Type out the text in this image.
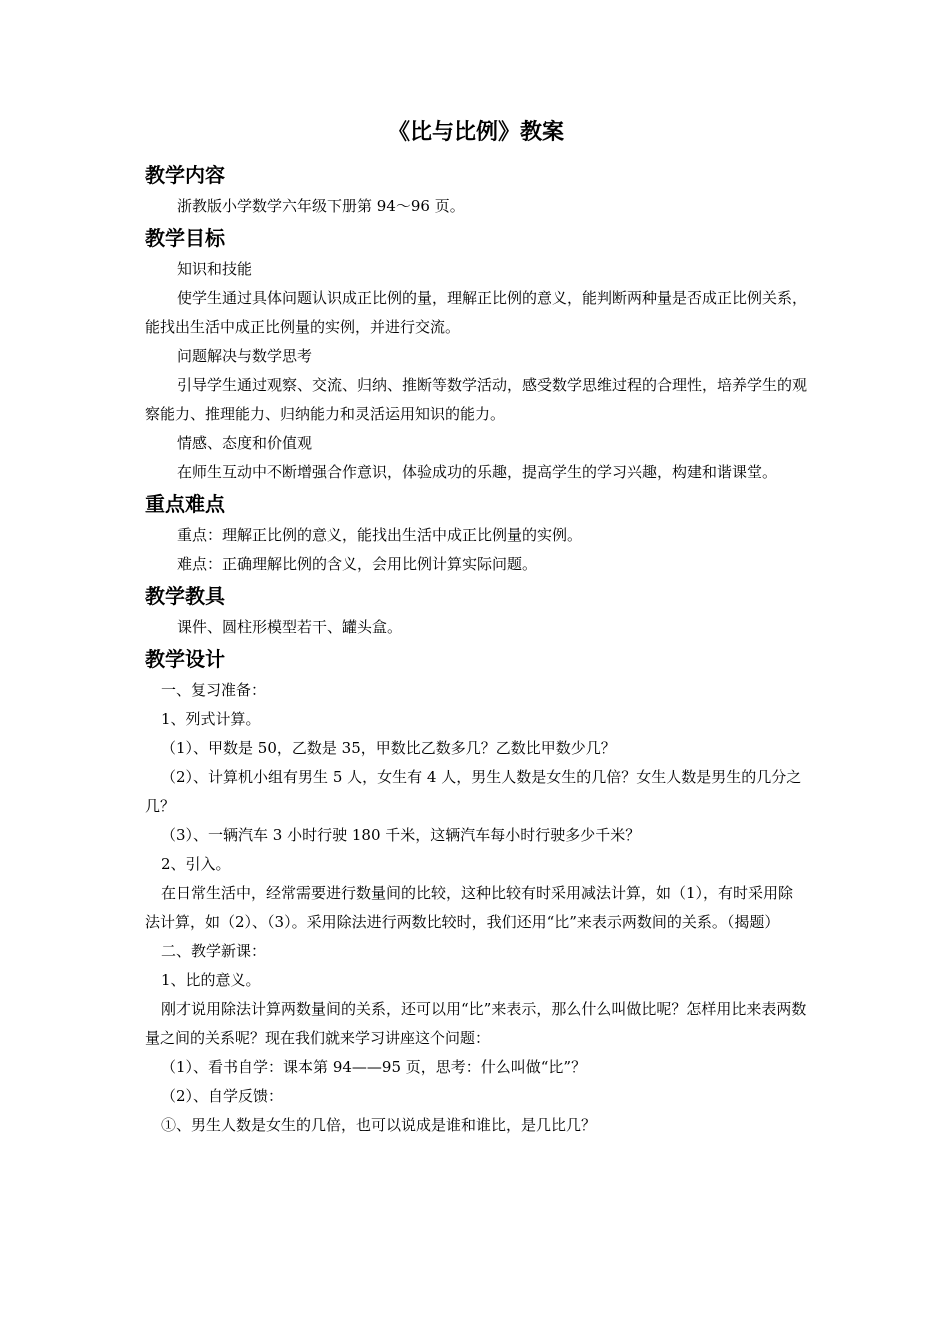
《比与比例》教案
教学内容
浙教版小学数学六年级下册第 94～96 页。
教学目标
知识和技能
使学生通过具体问题认识成正比例的量，理解正比例的意义，能判断两种量是否成正比例关系，能找出生活中成正比例量的实例，并进行交流。
问题解决与数学思考
引导学生通过观察、交流、归纳、推断等数学活动，感受数学思维过程的合理性，培养学生的观察能力、推理能力、归纳能力和灵活运用知识的能力。
情感、态度和价值观
在师生互动中不断增强合作意识，体验成功的乐趣，提高学生的学习兴趣，构建和谐课堂。
重点难点
重点：理解正比例的意义，能找出生活中成正比例量的实例。
难点：正确理解比例的含义，会用比例计算实际问题。
教学教具
课件、圆柱形模型若干、罐头盒。
教学设计
一、复习准备：
1、列式计算。
（1）、甲数是 50，乙数是 35，甲数比乙数多几？乙数比甲数少几？
（2）、计算机小组有男生 5 人，女生有 4 人，男生人数是女生的几倍？女生人数是男生的几分之几？
（3）、一辆汽车 3 小时行驶 180 千米，这辆汽车每小时行驶多少千米？
2、引入。
在日常生活中，经常需要进行数量间的比较，这种比较有时采用减法计算，如（1），有时采用除法计算，如（2）、（3）。采用除法进行两数比较时，我们还用“比”来表示两数间的关系。（揭题）
二、教学新课：
1、比的意义。
刚才说用除法计算两数量间的关系，还可以用“比”来表示，那么什么叫做比呢？怎样用比来表两数量之间的关系呢？现在我们就来学习讲座这个问题：
（1）、看书自学：课本第 94——95 页，思考：什么叫做“比”？
（2）、自学反馈：
①、男生人数是女生的几倍，也可以说成是谁和谁比，是几比几？
